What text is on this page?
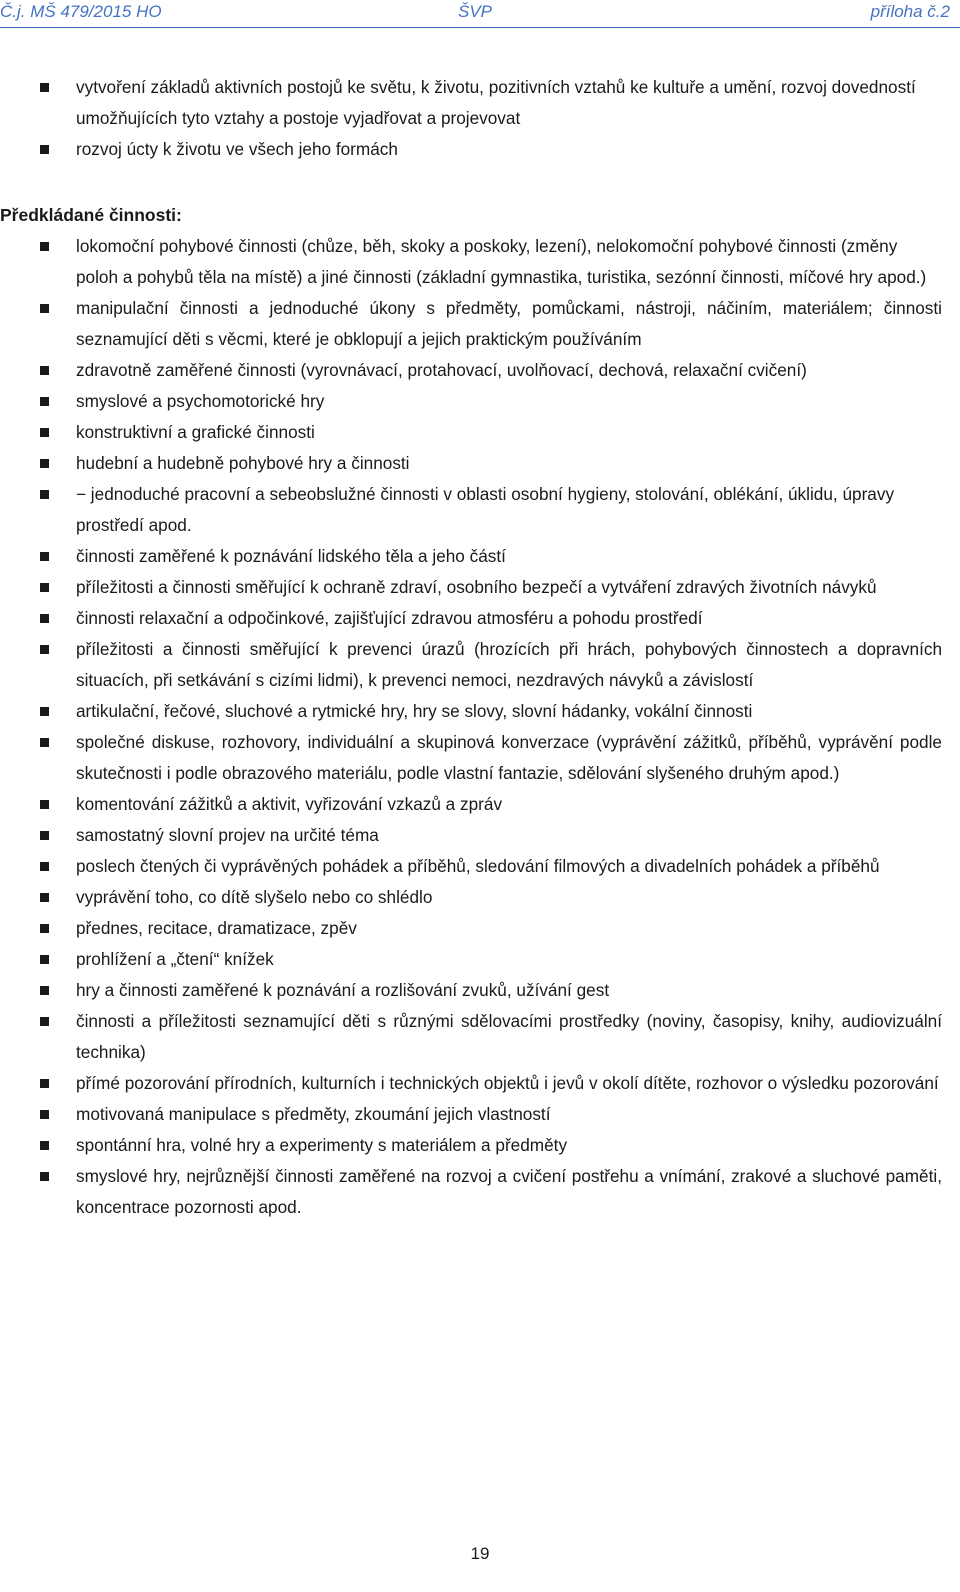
Č.j. MŠ 479/2015 HO	ŠVP	příloha č.2
vytvoření základů aktivních postojů ke světu, k životu, pozitivních vztahů ke kultuře a umění, rozvoj dovedností umožňujících tyto vztahy a postoje vyjadřovat a projevovat
rozvoj úcty k životu ve všech jeho formách
Předkládané činnosti:
lokomoční pohybové činnosti (chůze, běh, skoky a poskoky, lezení), nelokomoční pohybové činnosti (změny poloh a pohybů těla na místě) a jiné činnosti (základní gymnastika, turistika, sezónní činnosti, míčové hry apod.)
manipulační činnosti a jednoduché úkony s předměty, pomůckami, nástroji, náčiním, materiálem; činnosti seznamující děti s věcmi, které je obklopují a jejich praktickým používáním
zdravotně zaměřené činnosti (vyrovnávací, protahovací, uvolňovací, dechová, relaxační cvičení)
smyslové a psychomotorické hry
konstruktivní a grafické činnosti
hudební a hudebně pohybové hry a činnosti
− jednoduché pracovní a sebeobslužné činnosti v oblasti osobní hygieny, stolování, oblékání, úklidu, úpravy prostředí apod.
činnosti zaměřené k poznávání lidského těla a jeho částí
příležitosti a činnosti směřující k ochraně zdraví, osobního bezpečí a vytváření zdravých životních návyků
činnosti relaxační a odpočinkové, zajišťující zdravou atmosféru a pohodu prostředí
příležitosti a činnosti směřující k prevenci úrazů (hrozících při hrách, pohybových činnostech a dopravních situacích, při setkávání s cizími lidmi), k prevenci nemoci, nezdravých návyků a závislostí
artikulační, řečové, sluchové a rytmické hry, hry se slovy, slovní hádanky, vokální činnosti
společné diskuse, rozhovory, individuální a skupinová konverzace (vyprávění zážitků, příběhů, vyprávění podle skutečnosti i podle obrazového materiálu, podle vlastní fantazie, sdělování slyšeného druhým apod.)
komentování zážitků a aktivit, vyřizování vzkazů a zpráv
samostatný slovní projev na určité téma
poslech čtených či vyprávěných pohádek a příběhů, sledování filmových a divadelních pohádek a příběhů
vyprávění toho, co dítě slyšelo nebo co shlédlo
přednes, recitace, dramatizace, zpěv
prohlížení a „čtení“ knížek
hry a činnosti zaměřené k poznávání a rozlišování zvuků, užívání gest
činnosti a příležitosti seznamující děti s různými sdělovacími prostředky (noviny, časopisy, knihy, audiovizuální technika)
přímé pozorování přírodních, kulturních i technických objektů i jevů v okolí dítěte, rozhovor o výsledku pozorování
motivovaná manipulace s předměty, zkoumání jejich vlastností
spontánní hra, volné hry a experimenty s materiálem a předměty
smyslové hry, nejrůznější činnosti zaměřené na rozvoj a cvičení postřehu a vnímání, zrakové a sluchové paměti, koncentrace pozornosti apod.
19
